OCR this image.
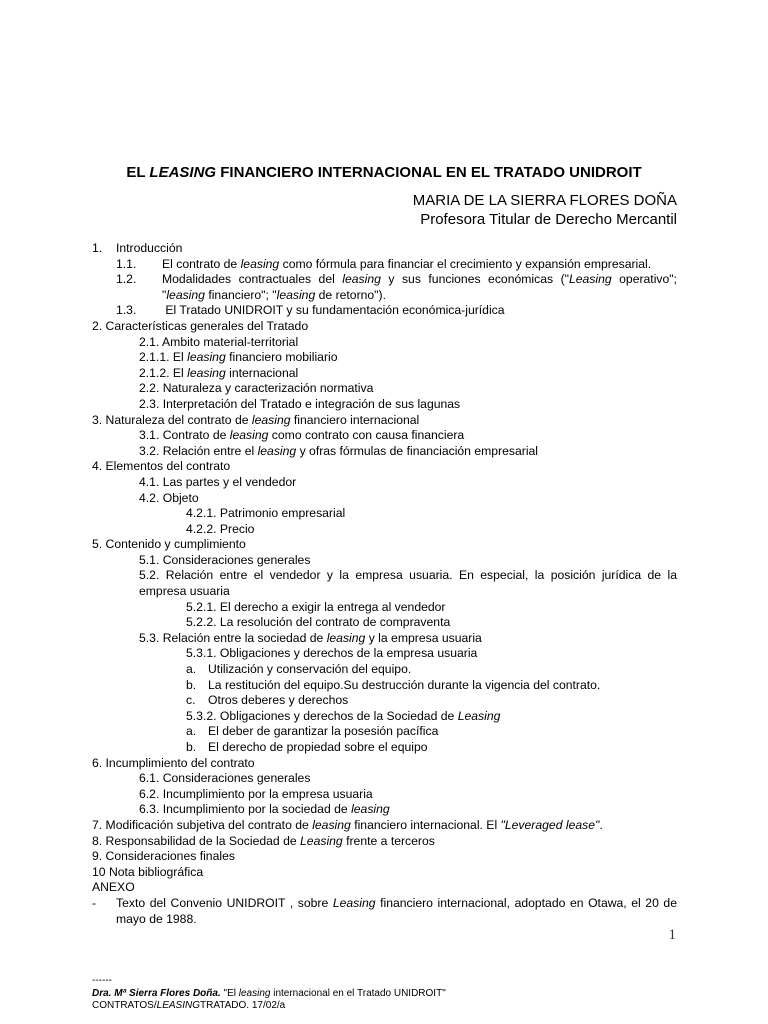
EL LEASING FINANCIERO INTERNACIONAL EN EL TRATADO UNIDROIT
MARIA DE LA SIERRA FLORES DOÑA
Profesora Titular de Derecho Mercantil
1. Introducción
1.1. El contrato de leasing como fórmula para financiar el crecimiento y expansión empresarial.
1.2. Modalidades contractuales del leasing y sus funciones económicas ("Leasing operativo"; "leasing financiero"; "leasing de retorno").
1.3. El Tratado UNIDROIT y su fundamentación económica-jurídica
2. Características generales del Tratado
2.1. Ambito material-territorial
2.1.1. El leasing financiero mobiliario
2.1.2. El leasing internacional
2.2. Naturaleza y caracterización normativa
2.3. Interpretación del Tratado e integración de sus lagunas
3. Naturaleza del contrato de leasing financiero internacional
3.1. Contrato de leasing como contrato con causa financiera
3.2. Relación entre el leasing y ofras fórmulas de financiación empresarial
4. Elementos del contrato
4.1. Las partes y el vendedor
4.2. Objeto
4.2.1. Patrimonio empresarial
4.2.2. Precio
5. Contenido y cumplimiento
5.1. Consideraciones generales
5.2. Relación entre el vendedor y la empresa usuaria. En especial, la posición jurídica de la empresa usuaria
5.2.1. El derecho a exigir la entrega al vendedor
5.2.2. La resolución del contrato de compraventa
5.3. Relación entre la sociedad de leasing y la empresa usuaria
5.3.1. Obligaciones y derechos de la empresa usuaria
a. Utilización y conservación del equipo.
b. La restitución del equipo.Su destrucción durante la vigencia del contrato.
c. Otros deberes y derechos
5.3.2. Obligaciones y derechos de la Sociedad de Leasing
a. El deber de garantizar la posesión pacífica
b. El derecho de propiedad sobre el equipo
6. Incumplimiento del contrato
6.1. Consideraciones generales
6.2. Incumplimiento por la empresa usuaria
6.3. Incumplimiento por la sociedad de leasing
7. Modificación subjetiva del contrato de leasing financiero internacional. El "Leveraged lease".
8. Responsabilidad de la Sociedad de Leasing frente a terceros
9. Consideraciones finales
10 Nota bibliográfica
ANEXO
-	Texto del Convenio UNIDROIT , sobre Leasing financiero internacional, adoptado en Otawa, el 20 de mayo de 1988.
1
------
Dra. Mª Sierra Flores Doña. "El leasing internacional en el Tratado UNIDROIT"
CONTRATOS/LEASINGTRATADO. 17/02/a
